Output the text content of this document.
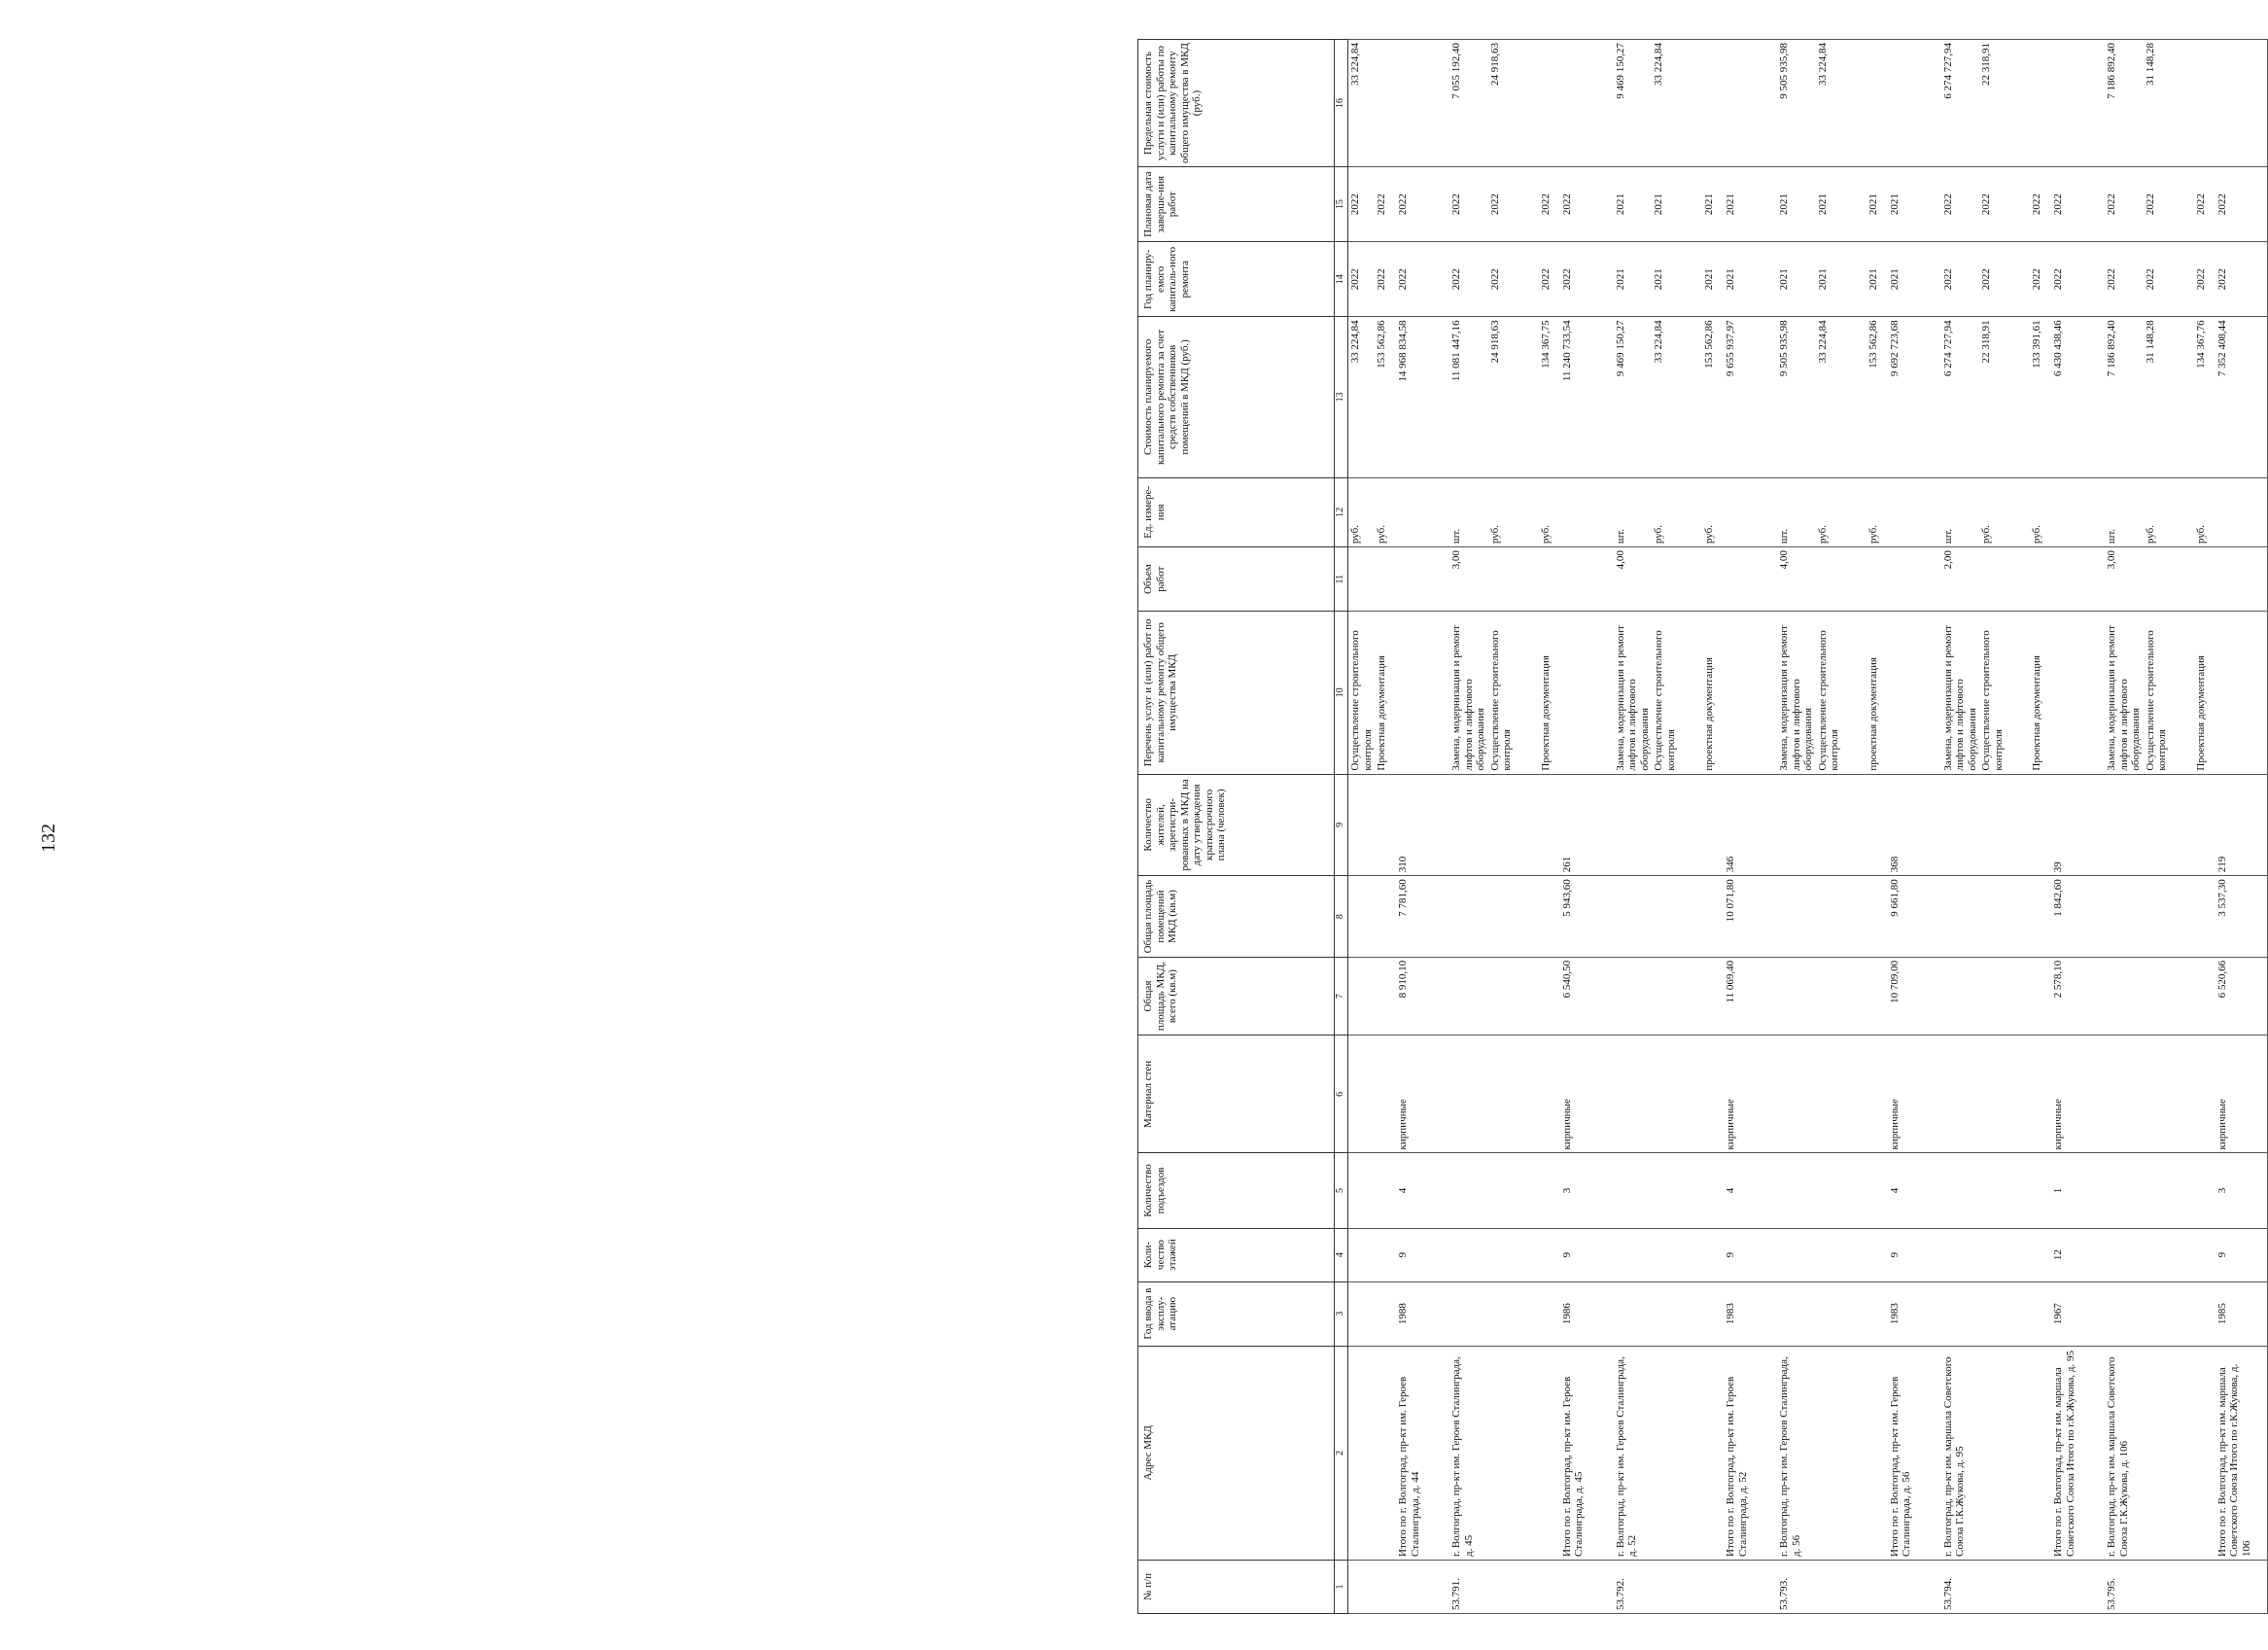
132
№ п/п	Адрес МКД	Год ввода в эксплу-атацию	Коли-чество этажей	Количество подъездов	Материал стен	Общая площадь МКД, всего (кв.м)	Общая площадь помещений МКД (кв.м)	Количество жителей, зарегистри-рованных в МКД на дату утверждения краткосрочного плана (человек)	Перечень услуг и (или) работ по капитальному ремонту общего имущества МКД	Объем работ	Ед. измере-ния	Стоимость планируемого капитального ремонта за счет средств собственников помещений в МКД (руб.)	Год планиру-емого капиталь-ного ремонта	Плановая дата заверше-ния работ	Предельная стоимость услуги и (или) работы по капитальному ремонту общего имущества в МКД (руб.)
1	2	3	4	5	6	7	8	9	10	11	12	13	14	15	16
									Осуществление строительного контроля		руб.	33 224,84	2022	2022	33 224,84
									Проектная документация		руб.	153 562,86	2022	2022	
	Итого по г. Волгоград, пр-кт им. Героев Сталинграда, д. 44	1988	9	4	кирпичные	8 910,10	7 781,60	310				14 968 834,58	2022	2022	
53.791.	г. Волгоград, пр-кт им. Героев Сталинграда, д. 45								Замена, модернизация и ремонт лифтов и лифтового оборудования	3,00	шт.	11 081 447,16	2022	2022	7 055 192,40
									Осуществление строительного контроля		руб.	24 918,63	2022	2022	24 918,63
									Проектная документация		руб.	134 367,75	2022	2022	
	Итого по г. Волгоград, пр-кт им. Героев Сталинграда, д. 45	1986	9	3	кирпичные	6 540,50	5 943,60	261				11 240 733,54	2022	2022	
53.792.	г. Волгоград, пр-кт им. Героев Сталинграда, д. 52								Замена, модернизация и ремонт лифтов и лифтового оборудования	4,00	шт.	9 469 150,27	2021	2021	9 469 150,27
									Осуществление строительного контроля		руб.	33 224,84	2021	2021	33 224,84
									проектная документация		руб.	153 562,86	2021	2021	
	Итого по г. Волгоград, пр-кт им. Героев Сталинграда, д. 52	1983	9	4	кирпичные	11 069,40	10 071,80	346				9 655 937,97	2021	2021	
53.793.	г. Волгоград, пр-кт им. Героев Сталинграда, д. 56								Замена, модернизация и ремонт лифтов и лифтового оборудования	4,00	шт.	9 505 935,98	2021	2021	9 505 935,98
									Осуществление строительного контроля		руб.	33 224,84	2021	2021	33 224,84
									проектная документация		руб.	153 562,86	2021	2021	
	Итого по г. Волгоград, пр-кт им. Героев Сталинграда, д. 56	1983	9	4	кирпичные	10 709,00	9 661,80	368				9 692 723,68	2021	2021	
53.794.	г. Волгоград, пр-кт им. маршала Советского Союза Г.К.Жукова, д. 95								Замена, модернизация и ремонт лифтов и лифтового оборудования	2,00	шт.	6 274 727,94	2022	2022	6 274 727,94
									Осуществление строительного контроля		руб.	22 318,91	2022	2022	22 318,91
									Проектная документация		руб.	133 391,61	2022	2022	
	Итого по г. Волгоград, пр-кт им. маршала Советского Союза Итого по г.К.Жукова, д. 95	1967	12	1	кирпичные	2 578,10	1 842,60	39				6 430 438,46	2022	2022	
53.795.	г. Волгоград, пр-кт им. маршала Советского Союза Г.К.Жукова, д. 106								Замена, модернизация и ремонт лифтов и лифтового оборудования	3,00	шт.	7 186 892,40	2022	2022	7 186 892,40
									Осуществление строительного контроля		руб.	31 148,28	2022	2022	31 148,28
									Проектная документация		руб.	134 367,76	2022	2022	
	Итого по г. Волгоград, пр-кт им. маршала Советского Союза Итого по г.К.Жукова, д. 106	1985	9	3	кирпичные	6 520,66	3 537,30	219				7 352 408,44	2022	2022	
